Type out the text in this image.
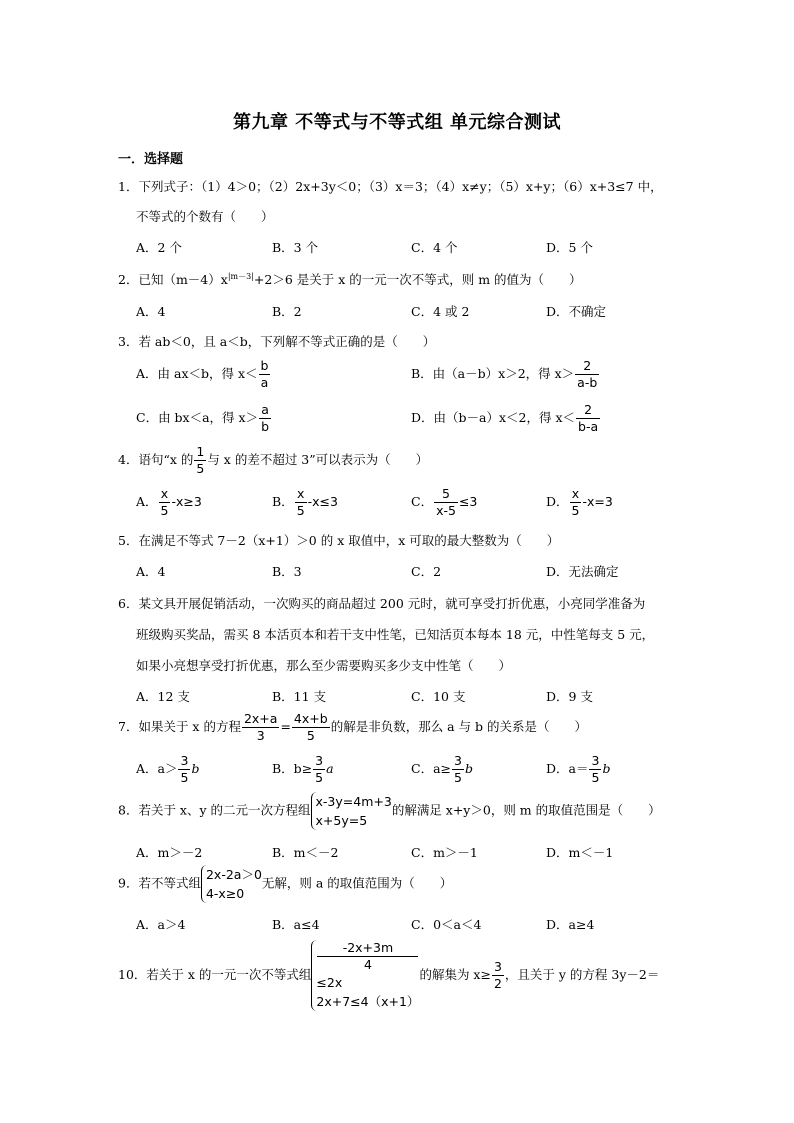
第九章 不等式与不等式组 单元综合测试
一．选择题
1．下列式子：（1）4＞0；（2）2x+3y＜0；（3）x＝3；（4）x≠y；（5）x+y；（6）x+3≤7 中，
不等式的个数有（　　）
A．2 个	B．3 个	C．4 个	D．5 个
2．已知$(m-4)x^{|m-3|}+2>6$ 是关于 x 的一元一次不等式，则 m 的值为（　　）
A．4	B．2	C．4 或 2	D．不确定
3．若 ab＜0，且 a＜b，下列解不等式正确的是（　　）
A．由 ax＜b，得 $x< \frac{b}{a}$	B．由（a－b）x＞2，得 $x> \frac{2}{a-b}$
C．由 bx＜a，得 $x> \frac{a}{b}$	D．由（b－a）x＜2，得 $x< \frac{2}{b-a}$
4．语句“x 的 $\frac{1}{5}$ 与 x 的差不超过 3”可以表示为（　　）
A． $\frac{x}{5} -x\ge 3$	B． $\frac{x}{5} -x\le 3$	C． $\frac{5}{x-5} \le 3$	D． $\frac{x}{5} -x=3$
5．在满足不等式 7－2（x+1）＞0 的 x 取值中，x 可取的最大整数为（　　）
A．4	B．3	C．2	D．无法确定
6．某文具开展促销活动，一次购买的商品超过 200 元时，就可享受打折优惠，小亮同学准备为
班级购买奖品，需买 8 本活页本和若干支中性笔，已知活页本每本 18 元，中性笔每支 5 元，
如果小亮想享受打折优惠，那么至少需要购买多少支中性笔（　　）
A．12 支	B．11 支	C．10 支	D．9 支
7．如果关于 x 的方程 $\frac{2x+a}{3} = \frac{4x+b}{5}$ 的解是非负数，那么 a 与 b 的关系是（　　）
A．$a> \frac{3}{5}$ b	B．$b\ge \frac{3}{5}$ a	C．$a\ge \frac{3}{5}$ b	D．$a= \frac{3}{5}$ b
8．若关于 x、y 的二元一次方程组
x-3y=4m+3
x+5y=5
的解满足 x+y＞0，则 m 的取值范围是（　　）
A．m＞－2	B．m＜－2	C．m＞－1	D．m＜－1
9．若不等式组
2x-2a＞0
4-x≥0
无解，则 a 的取值范围为（　　）
A．a＞4	B．a≤4	C．0＜a＜4	D．a≥4
10．若关于 x 的一元一次不等式组
-2x+3m
4
≤2x
2x+7≤4（x+1）
的解集为 $x\ge \frac{3}{2}$ ，且关于 y 的方程 3y－2＝
